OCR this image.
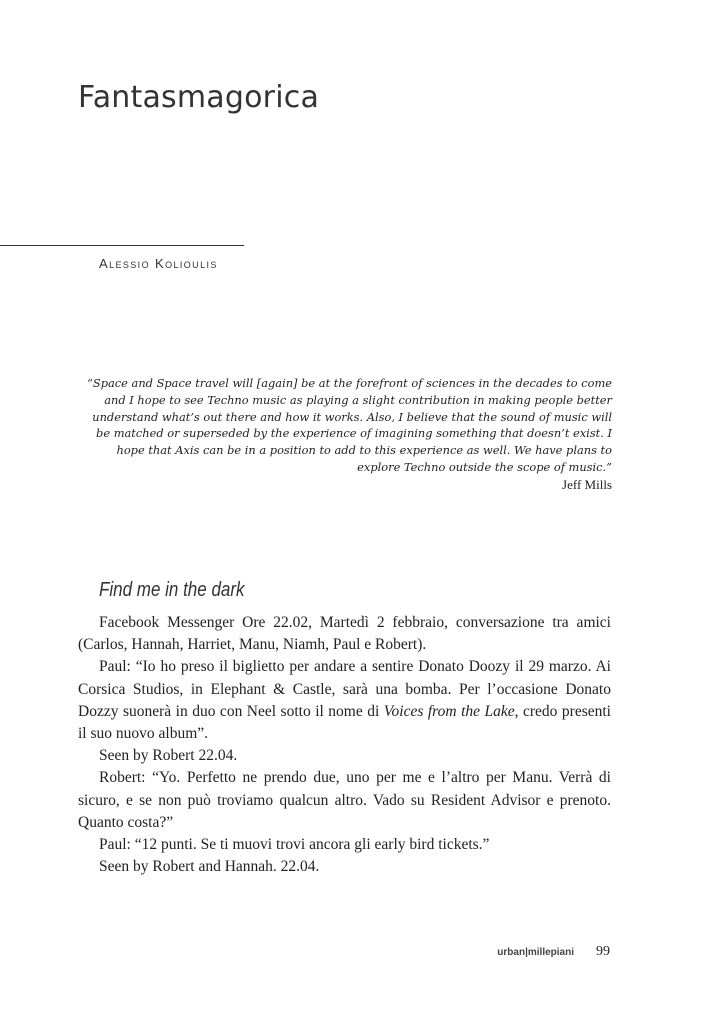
Fantasmagorica
Alessio Kolioulis

“Space and Space travel will [again] be at the forefront of sciences in the decades to come and I hope to see Techno music as playing a slight contribution in making people better understand what’s out there and how it works. Also, I believe that the sound of music will be matched or superseded by the experience of imagining something that doesn’t exist. I hope that Axis can be in a position to add to this experience as well. We have plans to explore Techno outside the scope of music.”

Jeff Mills

Find me in the dark

Facebook Messenger Ore 22.02, Martedì 2 febbraio, conversazione tra amici (Carlos, Hannah, Harriet, Manu, Niamh, Paul e Robert).

Paul: “Io ho preso il biglietto per andare a sentire Donato Doozy il 29 marzo. Ai Corsica Studios, in Elephant & Castle, sarà una bomba. Per l’occasione Donato Dozzy suonerà in duo con Neel sotto il nome di Voices from the Lake, credo presenti il suo nuovo album”.

Seen by Robert 22.04.

Robert: “Yo. Perfetto ne prendo due, uno per me e l’altro per Manu. Verrà di sicuro, e se non può troviamo qualcun altro. Vado su Resident Advisor e prenoto. Quanto costa?”

Paul: “12 punti. Se ti muovi trovi ancora gli early bird tickets.”

Seen by Robert and Hannah. 22.04.

urban|millepiani 99
